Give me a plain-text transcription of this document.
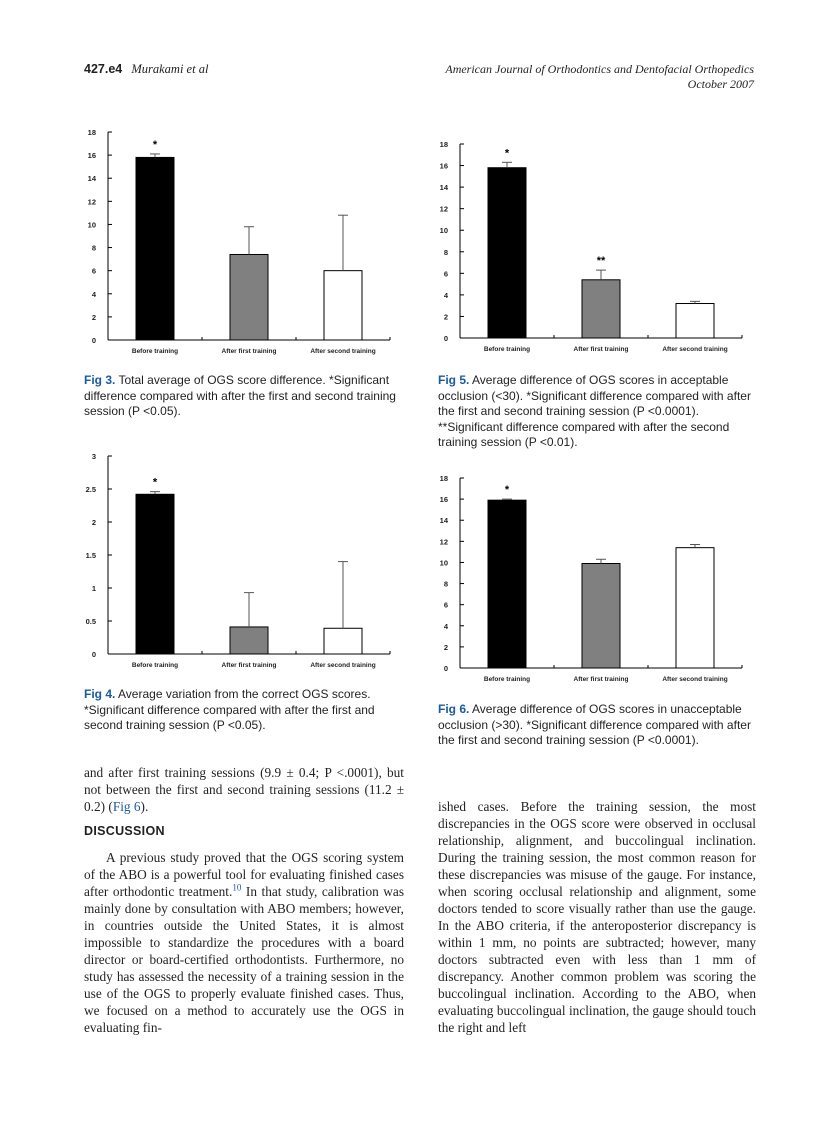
427.e4 Murakami et al	American Journal of Orthodontics and Dentofacial Orthopedics
October 2007
0
2
4
6
8
10
12
14
16
18
*
Before training	After first training	After second training
0
2
4
6
8
10
12
14
16
18
*
Before training
**
After first training	After second training
0
0.5
1
1.5
2
2.5
3
*
Before training	After first training	After second training	0
2
4
6
8
10
12
14
16
18
*
Before training	After first training	After second training
Fig 3. Total average of OGS score difference. *Significant difference compared with after the first and second training session (P <0.05).
Fig 5. Average difference of OGS scores in acceptable occlusion (<30). *Significant difference compared with after the first and second training session (P <0.0001). **Significant difference compared with after the second training session (P <0.01).
Fig 4. Average variation from the correct OGS scores. *Significant difference compared with after the first and second training session (P <0.05).
Fig 6. Average difference of OGS scores in unacceptable occlusion (>30). *Significant difference compared with after the first and second training session (P <0.0001).

and after first training sessions (9.9 ± 0.4; P <.0001), but not between the first and second training sessions (11.2 ± 0.2) (Fig 6).

DISCUSSION

A previous study proved that the OGS scoring system of the ABO is a powerful tool for evaluating finished cases after orthodontic treatment.$^{10}$ In that study, calibration was mainly done by consultation with ABO members; however, in countries outside the United States, it is almost impossible to standardize the procedures with a board director or board-certified orthodontists. Furthermore, no study has assessed the necessity of a training session in the use of the OGS to properly evaluate finished cases. Thus, we focused on a method to accurately use the OGS in evaluating fin-

ished cases. Before the training session, the most discrepancies in the OGS score were observed in occlusal relationship, alignment, and buccolingual inclination. During the training session, the most common reason for these discrepancies was misuse of the gauge. For instance, when scoring occlusal relationship and alignment, some doctors tended to score visually rather than use the gauge. In the ABO criteria, if the anteroposterior discrepancy is within 1 mm, no points are subtracted; however, many doctors subtracted even with less than 1 mm of discrepancy. Another common problem was scoring the buccolingual inclination. According to the ABO, when evaluating buccolingual inclination, the gauge should touch the right and left
